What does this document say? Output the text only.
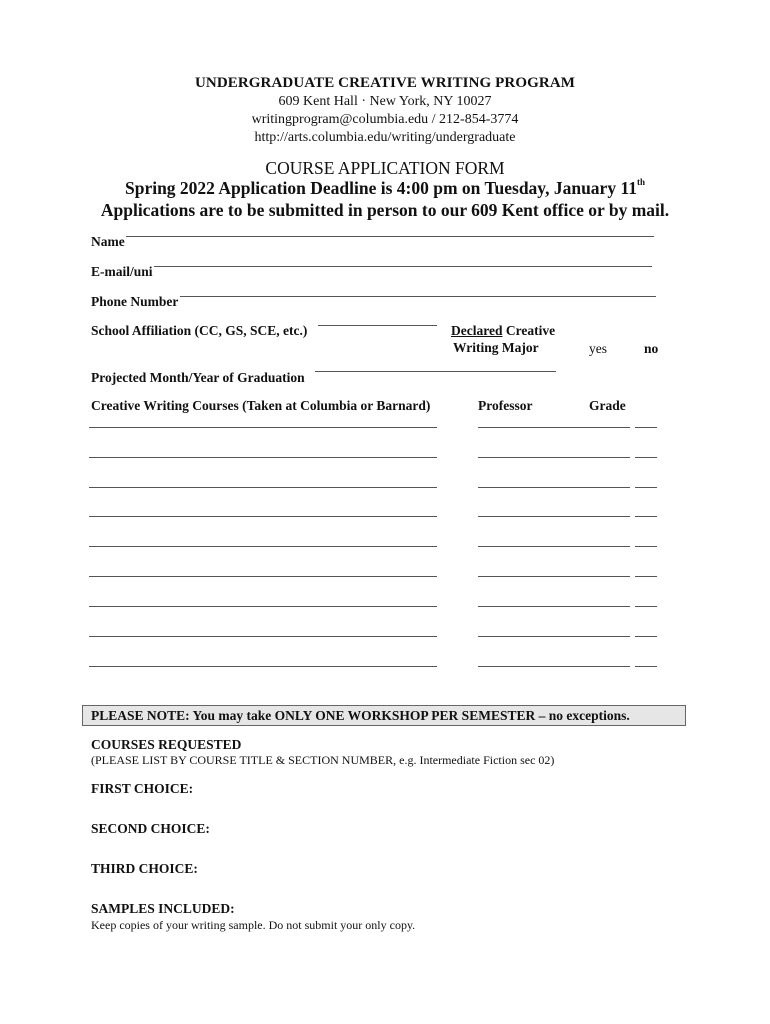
UNDERGRADUATE CREATIVE WRITING PROGRAM
609 Kent Hall · New York, NY 10027
writingprogram@columbia.edu / 212-854-3774
http://arts.columbia.edu/writing/undergraduate
COURSE APPLICATION FORM
Spring 2022 Application Deadline is 4:00 pm on Tuesday, January 11th
Applications are to be submitted in person to our 609 Kent office or by mail.
Name
E-mail/uni
Phone Number
School Affiliation (CC, GS, SCE, etc.)	Declared Creative
Writing Major	yes	no
Projected Month/Year of Graduation
Creative Writing Courses (Taken at Columbia or Barnard)	Professor	Grade
PLEASE NOTE: You may take ONLY ONE WORKSHOP PER SEMESTER – no exceptions.
COURSES REQUESTED
(PLEASE LIST BY COURSE TITLE & SECTION NUMBER, e.g. Intermediate Fiction sec 02)
FIRST CHOICE:
SECOND CHOICE:
THIRD CHOICE:
SAMPLES INCLUDED:
Keep copies of your writing sample. Do not submit your only copy.
